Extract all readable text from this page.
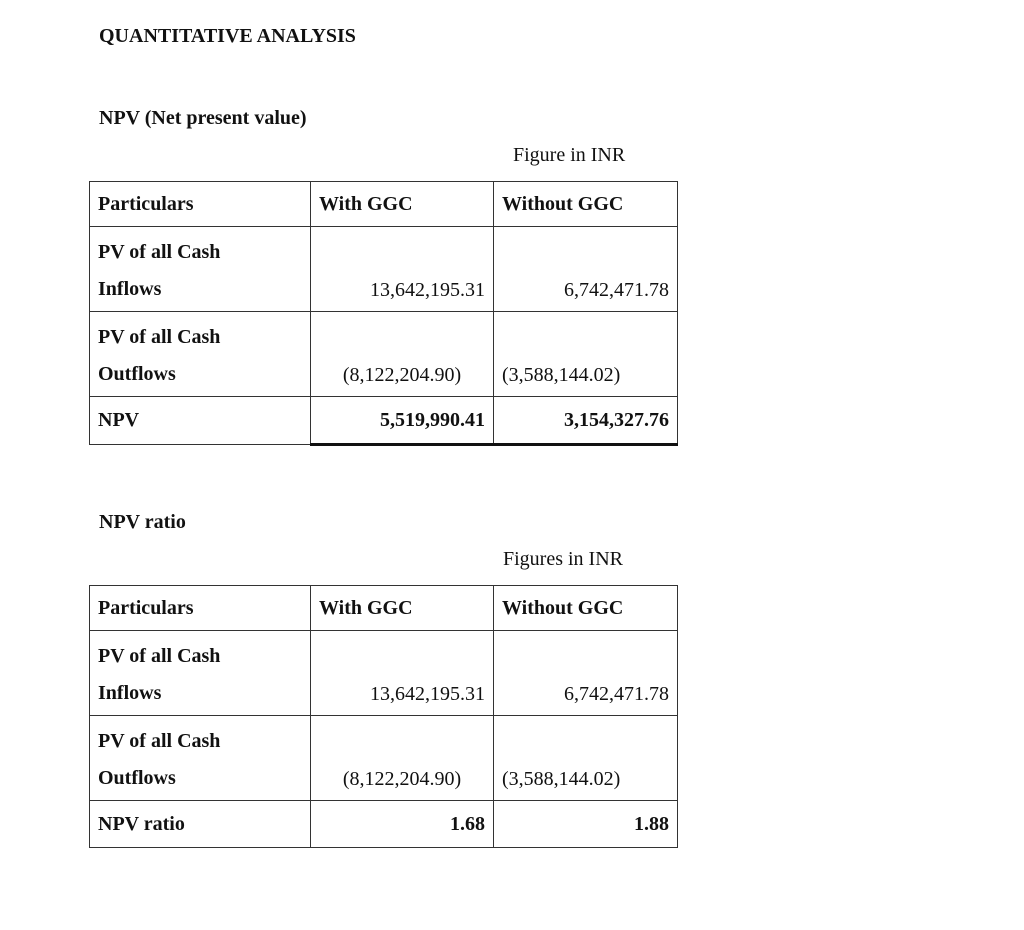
QUANTITATIVE ANALYSIS
NPV (Net present value)
Figure in INR
Particulars	With GGC	Without GGC

PV of all Cash
Inflows	13,642,195.31	6,742,471.78

PV of all Cash
Outflows	(8,122,204.90)	(3,588,144.02)
NPV	5,519,990.41	3,154,327.76
NPV ratio
Figures in INR
Particulars	With GGC	Without GGC

PV of all Cash
Inflows	13,642,195.31	6,742,471.78

PV of all Cash
Outflows	(8,122,204.90)	(3,588,144.02)
NPV ratio	1.68	1.88
